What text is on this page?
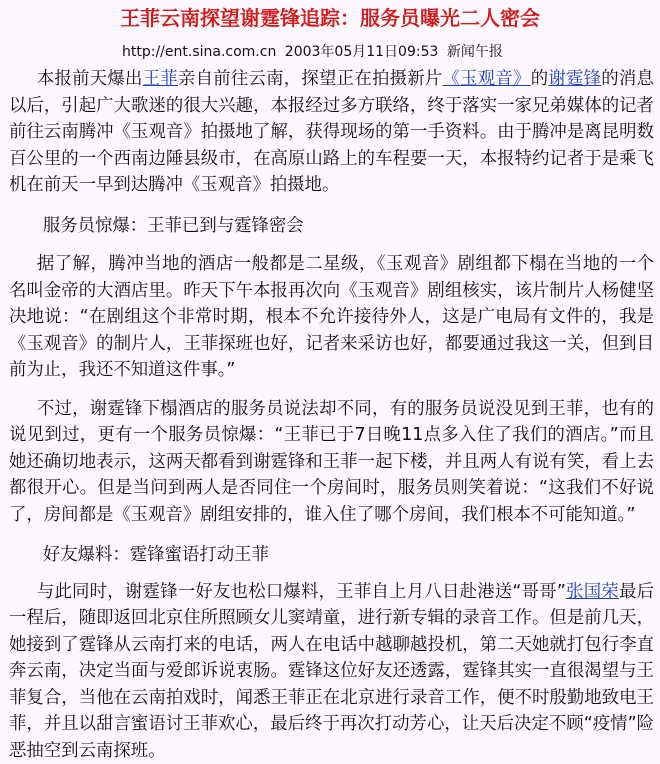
王菲云南探望谢霆锋追踪：服务员曝光二人密会
http://ent.sina.com.cn 2003年05月11日09:53 新闻午报

本报前天爆出王菲亲自前往云南，探望正在拍摄新片《玉观音》的谢霆锋的消息以后，引起广大歌迷的很大兴趣，本报经过多方联络，终于落实一家兄弟媒体的记者前往云南腾冲《玉观音》拍摄地了解，获得现场的第一手资料。由于腾冲是离昆明数百公里的一个西南边陲县级市，在高原山路上的车程要一天，本报特约记者于是乘飞机在前天一早到达腾冲《玉观音》拍摄地。

服务员惊爆：王菲已到与霆锋密会

据了解，腾冲当地的酒店一般都是二星级，《玉观音》剧组都下榻在当地的一个名叫金帝的大酒店里。昨天下午本报再次向《玉观音》剧组核实，该片制片人杨健坚决地说：“在剧组这个非常时期，根本不允许接待外人，这是广电局有文件的，我是《玉观音》的制片人，王菲探班也好，记者来采访也好，都要通过我这一关，但到目前为止，我还不知道这件事。”

不过，谢霆锋下榻酒店的服务员说法却不同，有的服务员说没见到王菲，也有的说见到过，更有一个服务员惊爆：“王菲已于7日晚11点多入住了我们的酒店。”而且她还确切地表示，这两天都看到谢霆锋和王菲一起下楼，并且两人有说有笑，看上去都很开心。但是当问到两人是否同住一个房间时，服务员则笑着说：“这我们不好说了，房间都是《玉观音》剧组安排的，谁入住了哪个房间，我们根本不可能知道。”

好友爆料：霆锋蜜语打动王菲

与此同时，谢霆锋一好友也松口爆料，王菲自上月八日赴港送“哥哥”张国荣最后一程后，随即返回北京住所照顾女儿窦靖童，进行新专辑的录音工作。但是前几天，她接到了霆锋从云南打来的电话，两人在电话中越聊越投机，第二天她就打包行李直奔云南，决定当面与爱郎诉说衷肠。霆锋这位好友还透露，霆锋其实一直很渴望与王菲复合，当他在云南拍戏时，闻悉王菲正在北京进行录音工作，便不时殷勤地致电王菲，并且以甜言蜜语讨王菲欢心，最后终于再次打动芳心，让天后决定不顾“疫情”险恶抽空到云南探班。
